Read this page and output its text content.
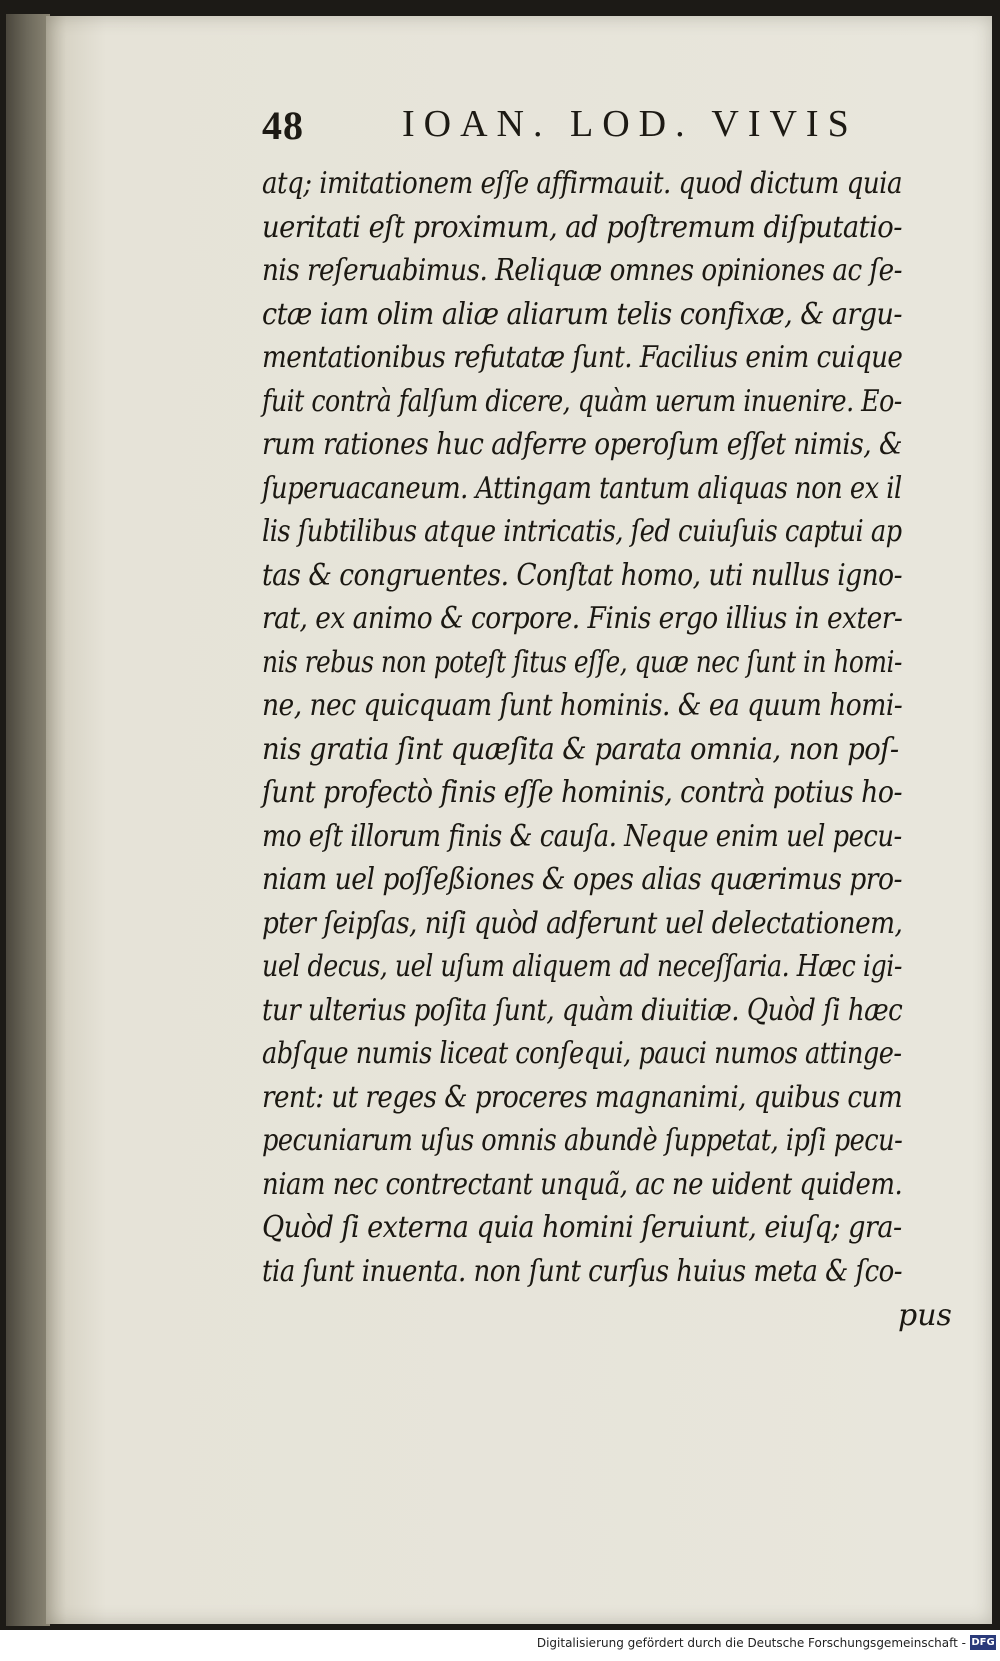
48	IOAN. LOD. VIVIS
atq; imitationem eſſe affirmauit. quod dictum quia
ueritati eſt proximum, ad poſtremum diſputatio-
nis reſeruabimus. Reliquæ omnes opiniones ac ſe-
ctæ iam olim aliæ aliarum telis confixæ, & argu-
mentationibus refutatæ ſunt. Facilius enim cuique
fuit contrà falſum dicere, quàm uerum inuenire. Eo-
rum rationes huc adferre operoſum eſſet nimis, &
ſuperuacaneum. Attingam tantum aliquas non ex il
lis ſubtilibus atque intricatis, ſed cuiuſuis captui ap
tas & congruentes. Conſtat homo, uti nullus igno-
rat, ex animo & corpore. Finis ergo illius in exter-
nis rebus non poteſt ſitus eſſe, quæ nec ſunt in homi-
ne, nec quicquam ſunt hominis. & ea quum homi-
nis gratia ſint quæſita & parata omnia, non poſ-
ſunt profectò finis eſſe hominis, contrà potius ho-
mo eſt illorum finis & cauſa. Neque enim uel pecu-
niam uel poſſeßiones & opes alias quærimus pro-
pter ſeipſas, niſi quòd adferunt uel delectationem,
uel decus, uel uſum aliquem ad neceſſaria. Hæc igi-
tur ulterius poſita ſunt, quàm diuitiæ. Quòd ſi hæc
abſque numis liceat conſequi, pauci numos attinge-
rent: ut reges & proceres magnanimi, quibus cum
pecuniarum uſus omnis abundè ſuppetat, ipſi pecu-
niam nec contrectant unquã, ac ne uident quidem.
Quòd ſi externa quia homini ſeruiunt, eiuſq; gra-
tia ſunt inuenta. non ſunt curſus huius meta & ſco-
pus
Digitalisierung gefördert durch die Deutsche Forschungsgemeinschaft - DFG
